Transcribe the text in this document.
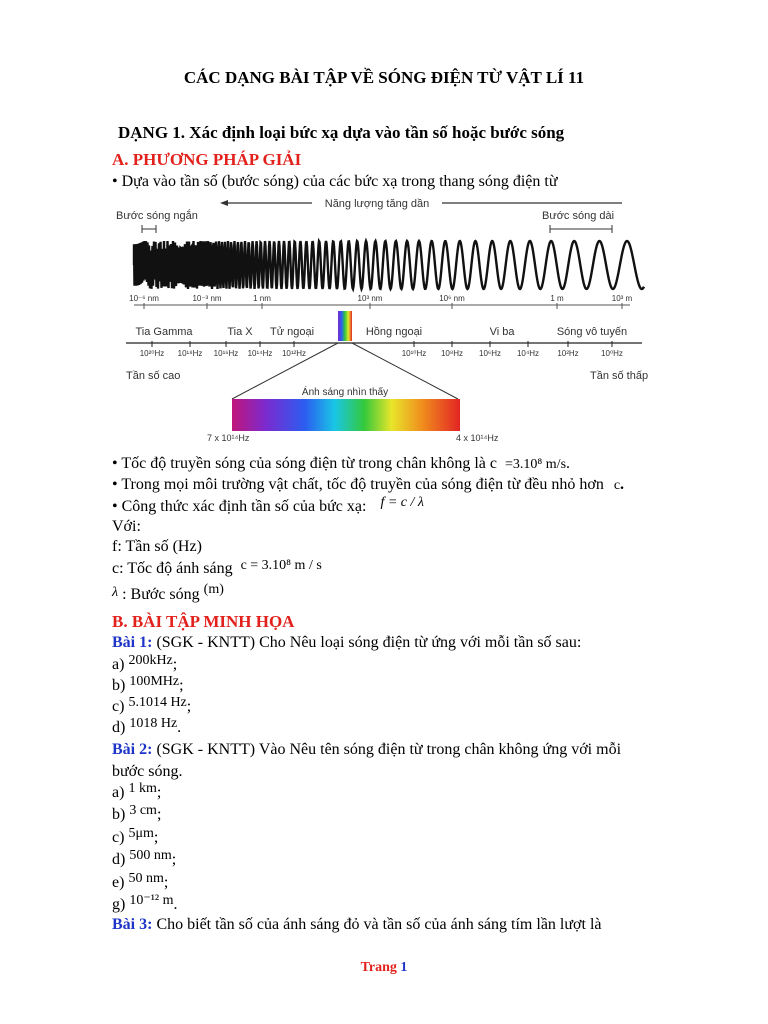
CÁC DẠNG BÀI TẬP VỀ SÓNG ĐIỆN TỪ VẬT LÍ 11
DẠNG 1. Xác định loại bức xạ dựa vào tần số hoặc bước sóng
A. PHƯƠNG PHÁP GIẢI
• Dựa vào tần số (bước sóng) của các bức xạ trong thang sóng điện từ
Năng lượng tăng dần
Bước sóng ngắn	Bước sóng dài
10⁻⁶ nm	10⁻³ nm	1 nm	10³ nm	10⁶ nm	1 m	10³ m
Tia Gamma	Tia X Tử ngoại	Hồng ngoại	Vi ba	Sóng vô tuyến
10²⁰Hz 10¹⁸Hz 10¹⁶Hz 10¹⁴Hz 10¹²Hz	10¹⁰Hz 10⁸Hz 10⁶Hz 10⁴Hz 10²Hz	10⁰Hz
Tần số cao	Tần số thấp
Ánh sáng nhìn thấy
7 x 10¹⁴Hz	4 x 10¹⁴Hz
• Tốc độ truyền sóng của sóng điện từ trong chân không là c =3.10⁸ m/s.
• Trong mọi môi trường vật chất, tốc độ truyền của sóng điện từ đều nhỏ hơn c.
• Công thức xác định tần số của bức xạ: f = c / λ
Với:
f: Tần số (Hz)
c: Tốc độ ánh sáng c = 3.10⁸ m / s
λ : Bước sóng (m)
B. BÀI TẬP MINH HỌA
Bài 1: (SGK - KNTT) Cho Nêu loại sóng điện từ ứng với mỗi tần số sau:
a) 200kHz;
b) 100MHz;
c) 5.1014 Hz;
d) 1018 Hz.
Bài 2: (SGK - KNTT) Vào Nêu tên sóng điện từ trong chân không ứng với mỗi
bước sóng.
a) 1 km;
b) 3 cm;
c) 5μm;
d) 500 nm;
e) 50 nm;
g) 10⁻¹² m.
Bài 3: Cho biết tần số của ánh sáng đỏ và tần số của ánh sáng tím lần lượt là
Trang 1
